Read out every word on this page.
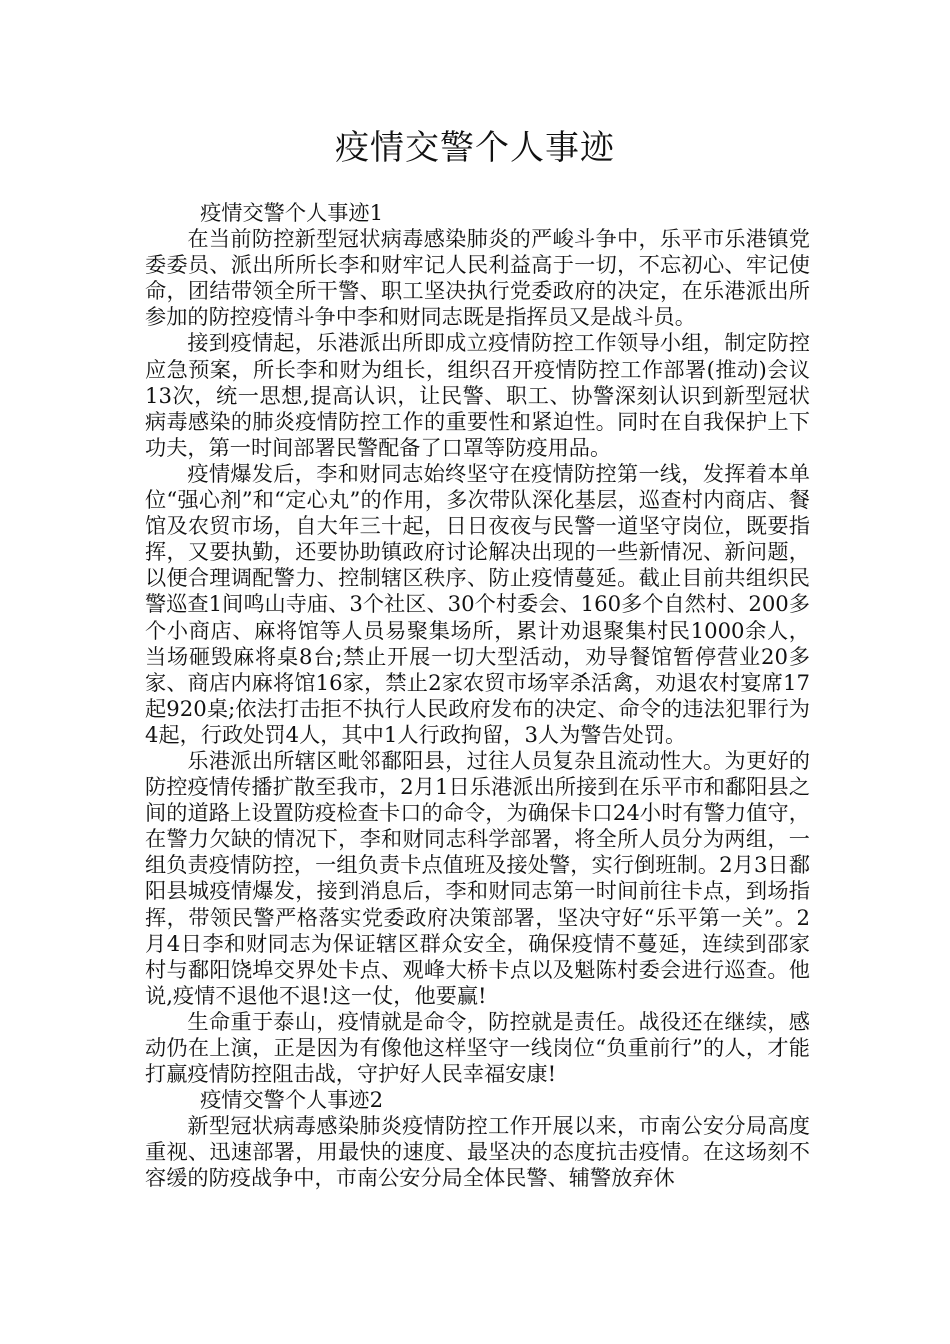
疫情交警个人事迹

疫情交警个人事迹1

在当前防控新型冠状病毒感染肺炎的严峻斗争中，乐平市乐港镇党委委员、派出所所长李和财牢记人民利益高于一切，不忘初心、牢记使命，团结带领全所干警、职工坚决执行党委政府的决定，在乐港派出所参加的防控疫情斗争中李和财同志既是指挥员又是战斗员。

接到疫情起，乐港派出所即成立疫情防控工作领导小组，制定防控应急预案，所长李和财为组长，组织召开疫情防控工作部署(推动)会议13次，统一思想,提高认识，让民警、职工、协警深刻认识到新型冠状病毒感染的肺炎疫情防控工作的重要性和紧迫性。同时在自我保护上下功夫，第一时间部署民警配备了口罩等防疫用品。

疫情爆发后，李和财同志始终坚守在疫情防控第一线，发挥着本单位“强心剂”和“定心丸”的作用，多次带队深化基层，巡查村内商店、餐馆及农贸市场，自大年三十起，日日夜夜与民警一道坚守岗位，既要指挥，又要执勤，还要协助镇政府讨论解决出现的一些新情况、新问题，以便合理调配警力、控制辖区秩序、防止疫情蔓延。截止目前共组织民警巡查1间鸣山寺庙、3个社区、30个村委会、160多个自然村、200多个小商店、麻将馆等人员易聚集场所，累计劝退聚集村民1000余人，当场砸毁麻将桌8台;禁止开展一切大型活动，劝导餐馆暂停营业20多家、商店内麻将馆16家，禁止2家农贸市场宰杀活禽，劝退农村宴席17起920桌;依法打击拒不执行人民政府发布的决定、命令的违法犯罪行为4起，行政处罚4人，其中1人行政拘留，3人为警告处罚。

乐港派出所辖区毗邻鄱阳县，过往人员复杂且流动性大。为更好的防控疫情传播扩散至我市，2月1日乐港派出所接到在乐平市和鄱阳县之间的道路上设置防疫检查卡口的命令，为确保卡口24小时有警力值守，在警力欠缺的情况下，李和财同志科学部署，将全所人员分为两组，一组负责疫情防控，一组负责卡点值班及接处警，实行倒班制。2月3日鄱阳县城疫情爆发，接到消息后，李和财同志第一时间前往卡点，到场指挥，带领民警严格落实党委政府决策部署，坚决守好“乐平第一关”。2月4日李和财同志为保证辖区群众安全，确保疫情不蔓延，连续到邵家村与鄱阳饶埠交界处卡点、观峰大桥卡点以及魁陈村委会进行巡查。他说,疫情不退他不退!这一仗，他要赢!

生命重于泰山，疫情就是命令，防控就是责任。战役还在继续，感动仍在上演，正是因为有像他这样坚守一线岗位“负重前行”的人，才能打赢疫情防控阻击战，守护好人民幸福安康!

疫情交警个人事迹2

新型冠状病毒感染肺炎疫情防控工作开展以来，市南公安分局高度重视、迅速部署，用最快的速度、最坚决的态度抗击疫情。在这场刻不容缓的防疫战争中，市南公安分局全体民警、辅警放弃休
